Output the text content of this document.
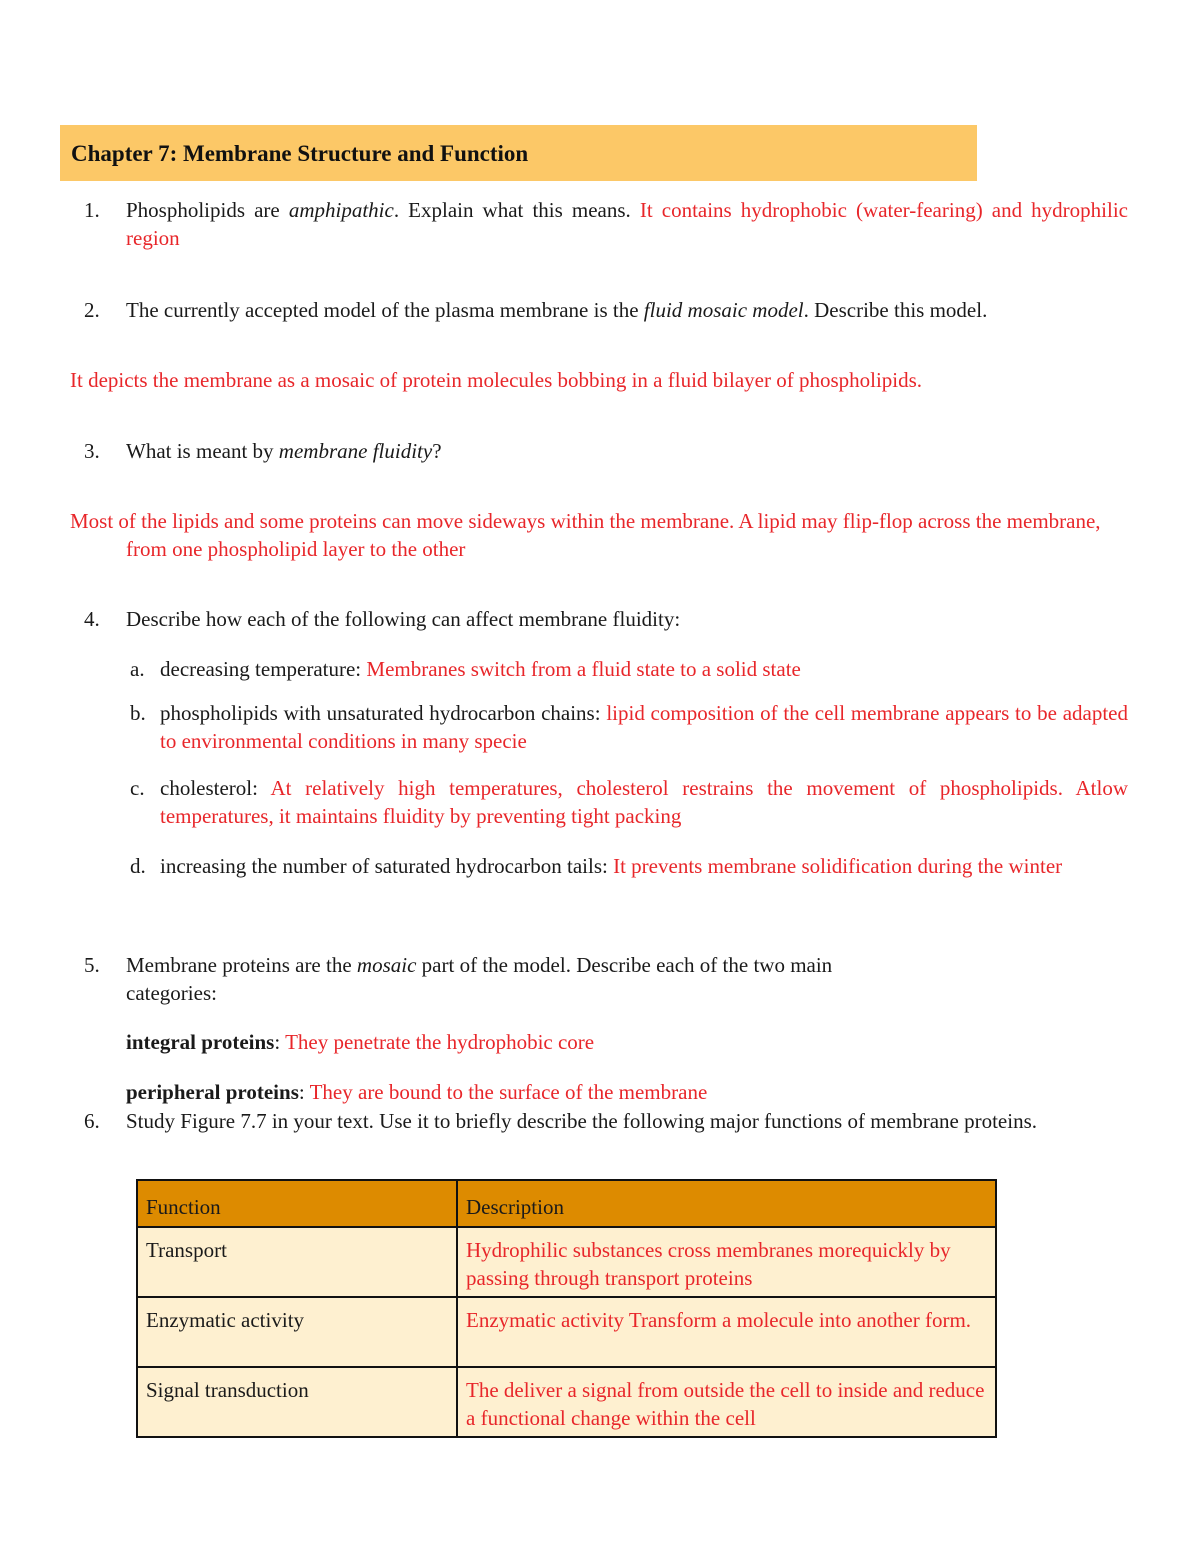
Chapter 7: Membrane Structure and Function
1. Phospholipids are amphipathic. Explain what this means. It contains hydrophobic (water-fearing) and hydrophilic region
2. The currently accepted model of the plasma membrane is the fluid mosaic model. Describe this model.
It depicts the membrane as a mosaic of protein molecules bobbing in a fluid bilayer of phospholipids.
3. What is meant by membrane fluidity?
Most of the lipids and some proteins can move sideways within the membrane. A lipid may flip-flop across the membrane, from one phospholipid layer to the other
4. Describe how each of the following can affect membrane fluidity:
a. decreasing temperature: Membranes switch from a fluid state to a solid state
b. phospholipids with unsaturated hydrocarbon chains: lipid composition of the cell membrane appears to be adapted to environmental conditions in many specie
c. cholesterol: At relatively high temperatures, cholesterol restrains the movement of phospholipids. Atlow temperatures, it maintains fluidity by preventing tight packing
d. increasing the number of saturated hydrocarbon tails: It prevents membrane solidification during the winter
5. Membrane proteins are the mosaic part of the model. Describe each of the two main categories:
integral proteins: They penetrate the hydrophobic core
peripheral proteins: They are bound to the surface of the membrane
6. Study Figure 7.7 in your text. Use it to briefly describe the following major functions of membrane proteins.
Function	Description
Transport	Hydrophilic substances cross membranes morequickly by passing through transport proteins
Enzymatic activity	Enzymatic activity Transform a molecule into another form.
Signal transduction	The deliver a signal from outside the cell to inside and reduce a functional change within the cell
